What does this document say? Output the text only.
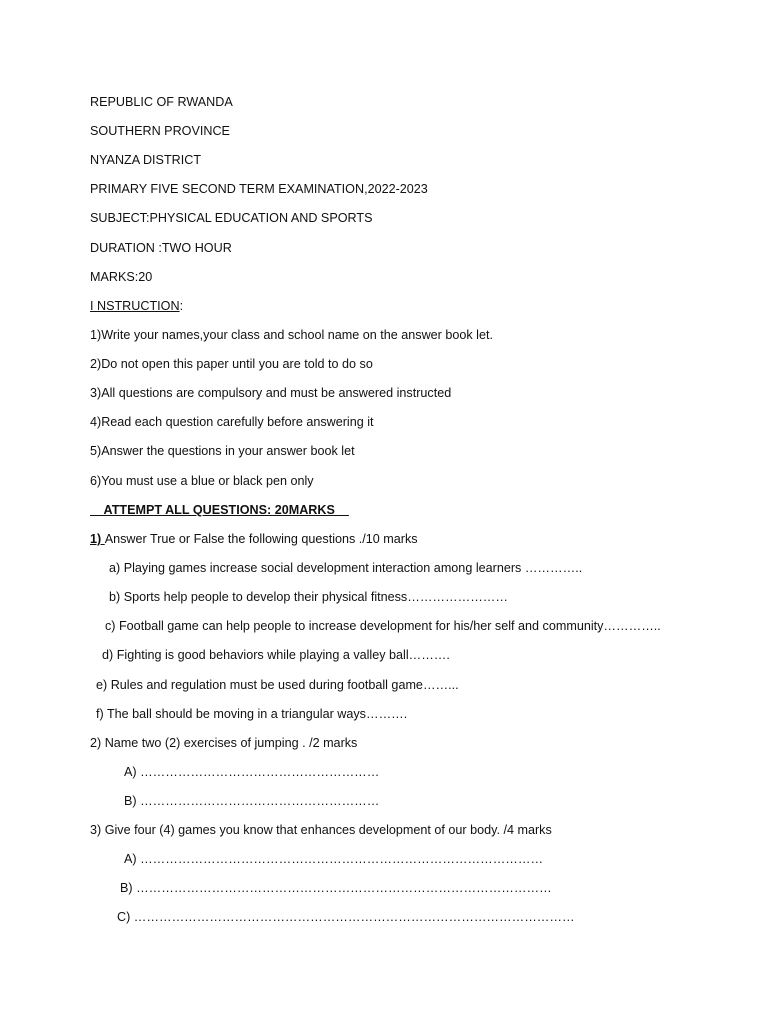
REPUBLIC OF RWANDA
SOUTHERN PROVINCE
NYANZA DISTRICT
PRIMARY FIVE SECOND TERM EXAMINATION,2022-2023
SUBJECT:PHYSICAL EDUCATION AND SPORTS
DURATION :TWO HOUR
MARKS:20
I NSTRUCTION:
1)Write your names,your class and school name on the answer book let.
2)Do not open this paper until you are told to do so
3)All questions are compulsory and must be answered instructed
4)Read each question carefully before answering it
5)Answer the questions in your answer book let
6)You must use a blue or black pen only
ATTEMPT ALL QUESTIONS: 20MARKS
1) Answer True or False the following questions ./10 marks
a) Playing games increase social development interaction among learners …………..
b) Sports help people to develop their physical fitness……………………
c) Football game can help people to increase development for his/her self and community…………..
d) Fighting is good behaviors while playing a valley ball……….
e) Rules and regulation must be used during football game……...
f) The ball should be moving in a triangular ways……….
2) Name two (2) exercises of jumping . /2 marks
A) …………………………………………………
B) …………………………………………………
3) Give four (4) games you know that enhances development of our body. /4 marks
A) ……………………………………………………………………………………
B) ………………………………………………………………………………………
C) ……………………………………………………………………………………………
